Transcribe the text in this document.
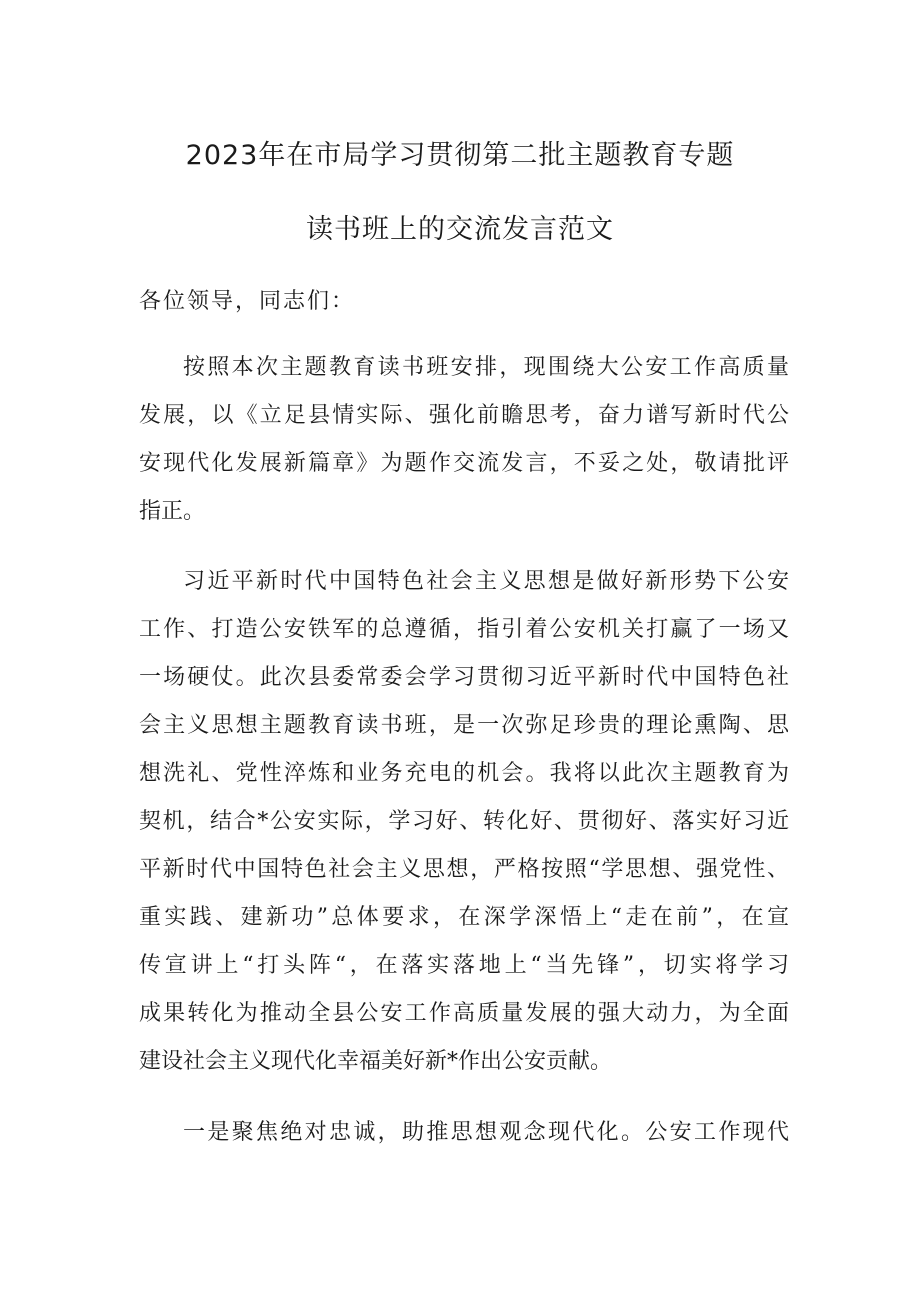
2023年在市局学习贯彻第二批主题教育专题
读书班上的交流发言范文
各位领导，同志们：
按照本次主题教育读书班安排，现围绕大公安工作高质量
发展，以《立足县情实际、强化前瞻思考，奋力谱写新时代公
安现代化发展新篇章》为题作交流发言，不妥之处，敬请批评
指正。
习近平新时代中国特色社会主义思想是做好新形势下公安
工作、打造公安铁军的总遵循，指引着公安机关打赢了一场又
一场硬仗。此次县委常委会学习贯彻习近平新时代中国特色社
会主义思想主题教育读书班，是一次弥足珍贵的理论熏陶、思
想洗礼、党性淬炼和业务充电的机会。我将以此次主题教育为
契机，结合*公安实际，学习好、转化好、贯彻好、落实好习近
平新时代中国特色社会主义思想，严格按照“学思想、强党性、
重实践、建新功”总体要求，在深学深悟上“走在前”，在宣
传宣讲上“打头阵“，在落实落地上“当先锋”，切实将学习
成果转化为推动全县公安工作高质量发展的强大动力，为全面
建设社会主义现代化幸福美好新*作出公安贡献。
一是聚焦绝对忠诚，助推思想观念现代化。公安工作现代
